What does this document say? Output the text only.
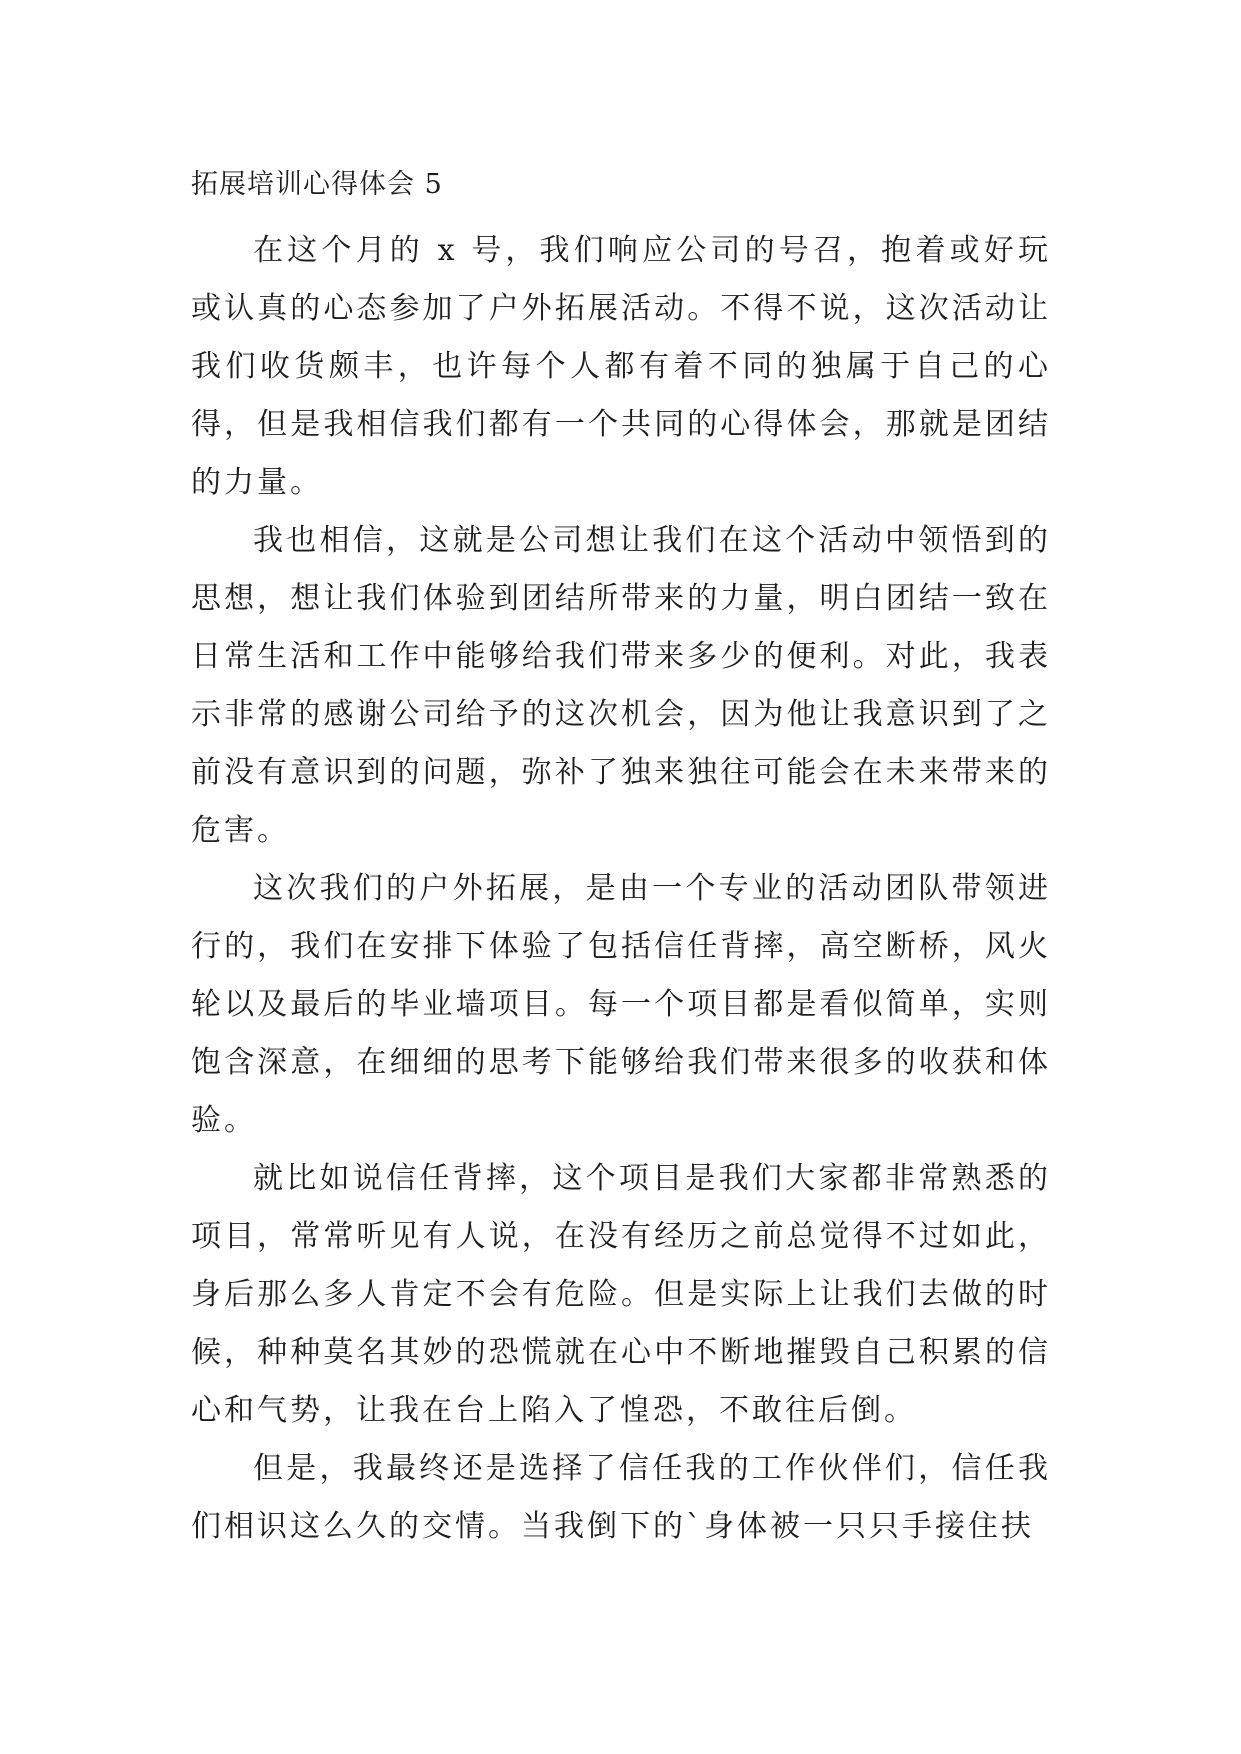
拓展培训心得体会 5

在这个月的 x 号，我们响应公司的号召，抱着或好玩或认真的心态参加了户外拓展活动。不得不说，这次活动让我们收货颇丰，也许每个人都有着不同的独属于自己的心得，但是我相信我们都有一个共同的心得体会，那就是团结的力量。

我也相信，这就是公司想让我们在这个活动中领悟到的思想，想让我们体验到团结所带来的力量，明白团结一致在日常生活和工作中能够给我们带来多少的便利。对此，我表示非常的感谢公司给予的这次机会，因为他让我意识到了之前没有意识到的问题，弥补了独来独往可能会在未来带来的危害。

这次我们的户外拓展，是由一个专业的活动团队带领进行的，我们在安排下体验了包括信任背摔，高空断桥，风火轮以及最后的毕业墙项目。每一个项目都是看似简单，实则饱含深意，在细细的思考下能够给我们带来很多的收获和体验。

就比如说信任背摔，这个项目是我们大家都非常熟悉的项目，常常听见有人说，在没有经历之前总觉得不过如此，身后那么多人肯定不会有危险。但是实际上让我们去做的时候，种种莫名其妙的恐慌就在心中不断地摧毁自己积累的信心和气势，让我在台上陷入了惶恐，不敢往后倒。

但是，我最终还是选择了信任我的工作伙伴们，信任我们相识这么久的交情。当我倒下的`身体被一只只手接住扶
